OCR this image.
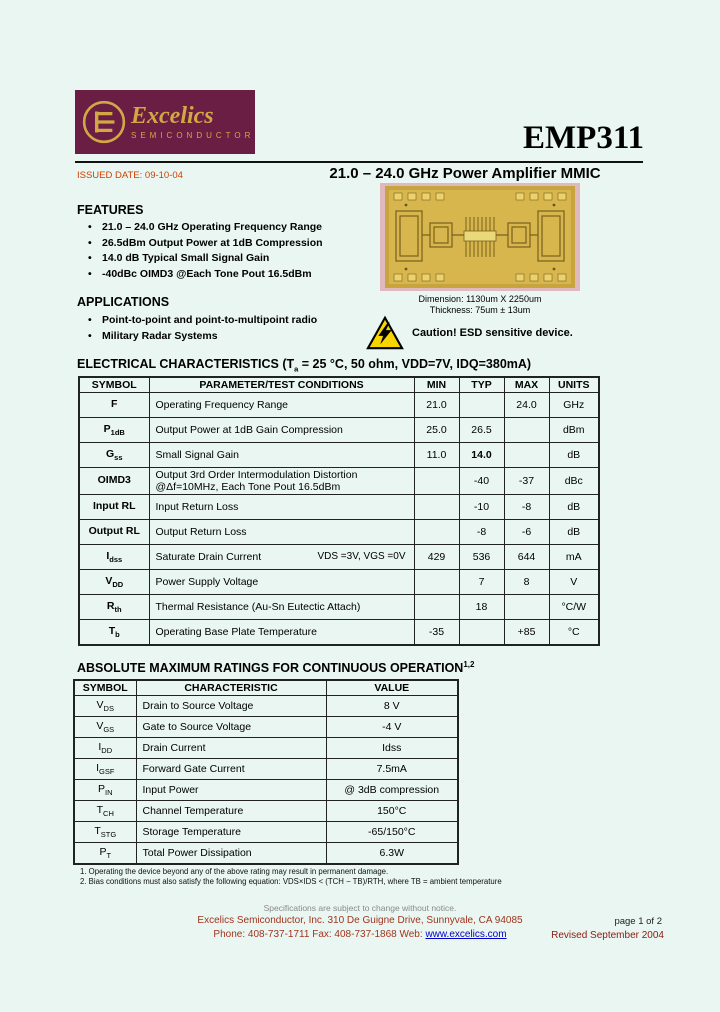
Excelics
SEMICONDUCTOR	EMP311
ISSUED DATE: 09-10-04	21.0 – 24.0 GHz Power Amplifier MMIC
FEATURES
• 21.0 – 24.0 GHz Operating Frequency Range
• 26.5dBm Output Power at 1dB Compression
• 14.0 dB Typical Small Signal Gain
• -40dBc OIMD3 @Each Tone Pout 16.5dBm
Dimension: 1130um X 2250um
Thickness: 75um ± 13um
APPLICATIONS
• Point-to-point and point-to-multipoint radio
• Military Radar Systems	Caution! ESD sensitive device.
ELECTRICAL CHARACTERISTICS ($T_a = 25$ °C, 50 ohm, VDD=7V, IDQ=380mA)
SYMBOL	PARAMETER/TEST CONDITIONS	MIN	TYP	MAX	UNITS
F	Operating Frequency Range	21.0		24.0	GHz
$P_{1dB}$	Output Power at 1dB Gain Compression	25.0	26.5		dBm
$G_{ss}$	Small Signal Gain	11.0	14.0		dB
OIMD3	Output 3rd Order Intermodulation Distortion
@Δf=10MHz, Each Tone Pout 16.5dBm		-40	-37	dBc
Input RL	Input Return Loss		-10	-8	dB
Output RL	Output Return Loss		-8	-6	dB
$I_{dss}$	Saturate Drain Current VDS =3V, VGS =0V	429	536	644	mA
$V_{DD}$	Power Supply Voltage		7	8	V
$R_{th}$	Thermal Resistance (Au-Sn Eutectic Attach)		18		°C/W
$T_b$	Operating Base Plate Temperature	-35		+85	°C
ABSOLUTE MAXIMUM RATINGS FOR CONTINUOUS OPERATION$^{1,2}$
SYMBOL	CHARACTERISTIC	VALUE
$V_{DS}$	Drain to Source Voltage	8 V
$V_{GS}$	Gate to Source Voltage	-4 V
$I_{DD}$	Drain Current	Idss
$I_{GSF}$	Forward Gate Current	7.5mA
$P_{IN}$	Input Power	@ 3dB compression
$T_{CH}$	Channel Temperature	150°C
$T_{STG}$	Storage Temperature	-65/150°C
$P_T$	Total Power Dissipation	6.3W
1. Operating the device beyond any of the above rating may result in permanent damage.
2. Bias conditions must also satisfy the following equation: VDS×IDS < (TCH − TB)/RTH, where TB = ambient temperature
Specifications are subject to change without notice.
Excelics Semiconductor, Inc. 310 De Guigne Drive, Sunnyvale, CA 94085	page 1 of 2
Phone: 408-737-1711 Fax: 408-737-1868 Web: www.excelics.com	Revised September 2004
